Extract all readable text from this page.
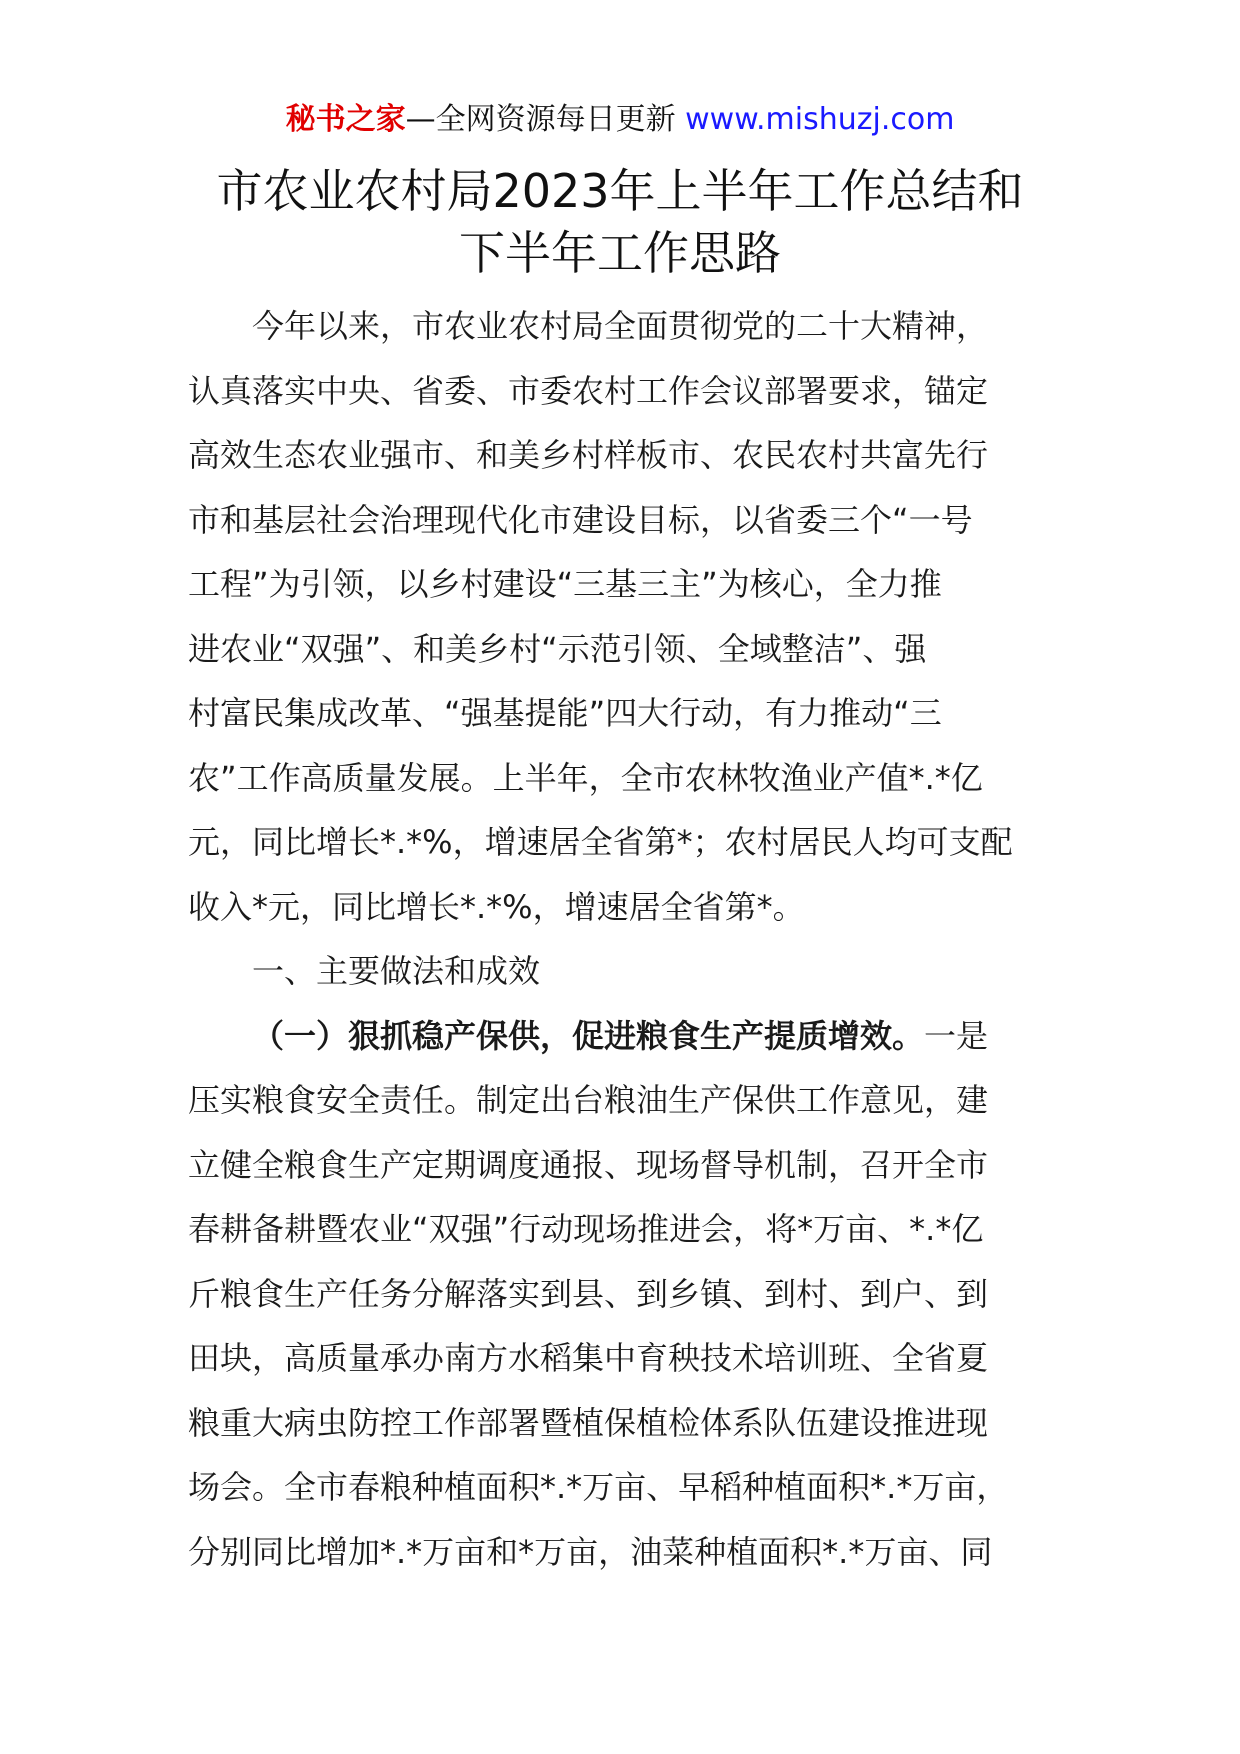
秘书之家—全网资源每日更新 www.mishuzj.com
市农业农村局2023年上半年工作总结和
下半年工作思路
今年以来，市农业农村局全面贯彻党的二十大精神，
认真落实中央、省委、市委农村工作会议部署要求，锚定
高效生态农业强市、和美乡村样板市、农民农村共富先行
市和基层社会治理现代化市建设目标，以省委三个“一号
工程”为引领，以乡村建设“三基三主”为核心，全力推
进农业“双强”、和美乡村“示范引领、全域整洁”、强
村富民集成改革、“强基提能”四大行动，有力推动“三
农”工作高质量发展。上半年，全市农林牧渔业产值*.*亿
元，同比增长*.*%，增速居全省第*；农村居民人均可支配
收入*元，同比增长*.*%，增速居全省第*。
一、主要做法和成效
（一）狠抓稳产保供，促进粮食生产提质增效。一是
压实粮食安全责任。制定出台粮油生产保供工作意见，建
立健全粮食生产定期调度通报、现场督导机制，召开全市
春耕备耕暨农业“双强”行动现场推进会，将*万亩、*.*亿
斤粮食生产任务分解落实到县、到乡镇、到村、到户、到
田块，高质量承办南方水稻集中育秧技术培训班、全省夏
粮重大病虫防控工作部署暨植保植检体系队伍建设推进现
场会。全市春粮种植面积*.*万亩、早稻种植面积*.*万亩，
分别同比增加*.*万亩和*万亩，油菜种植面积*.*万亩、同
